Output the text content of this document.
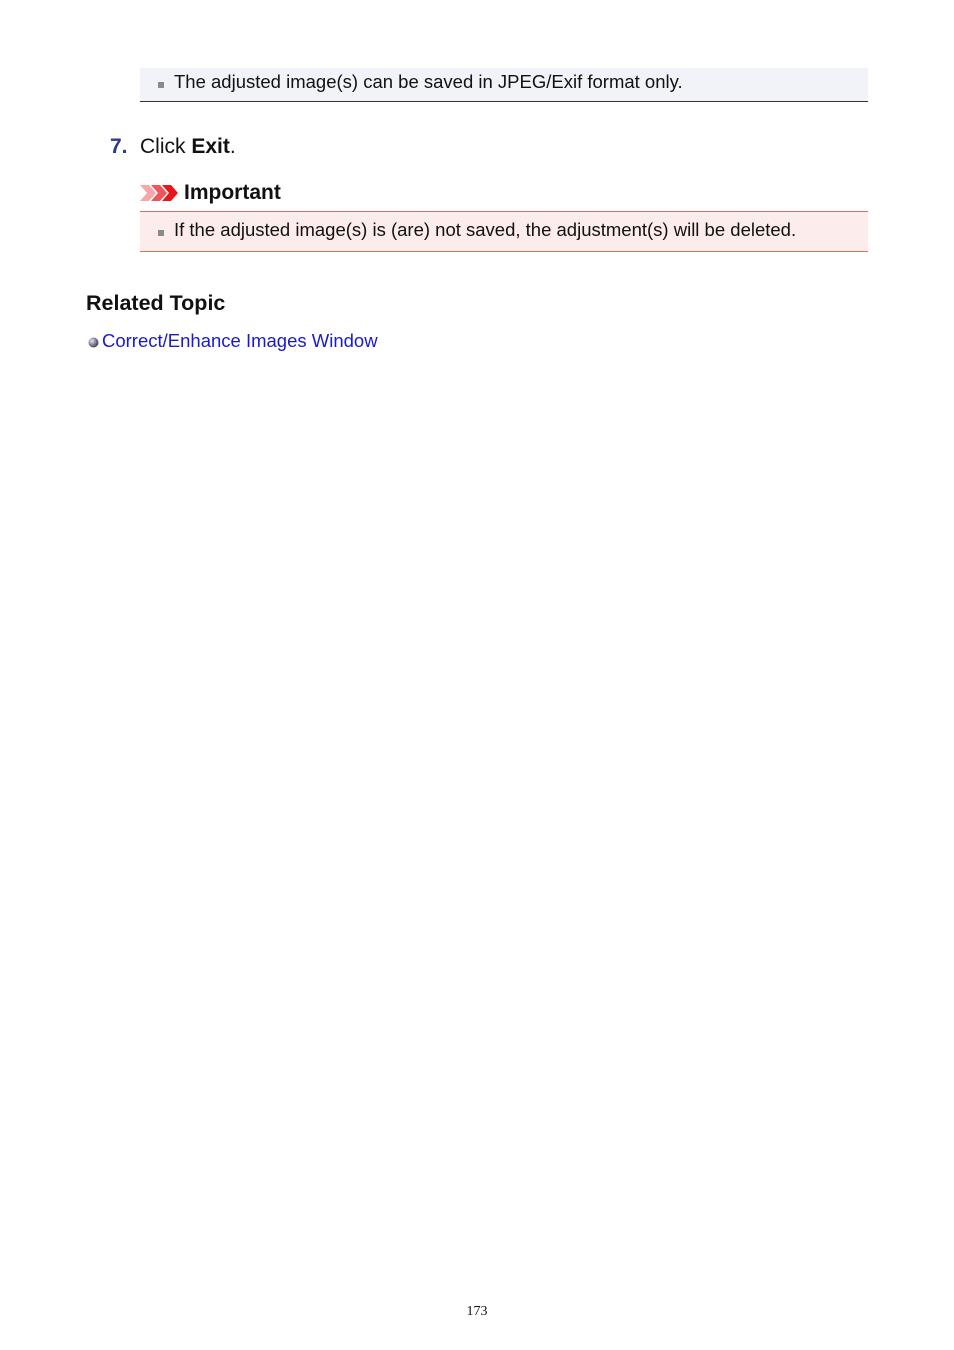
The adjusted image(s) can be saved in JPEG/Exif format only.
7. Click Exit.
Important
If the adjusted image(s) is (are) not saved, the adjustment(s) will be deleted.
Related Topic
Correct/Enhance Images Window
173
